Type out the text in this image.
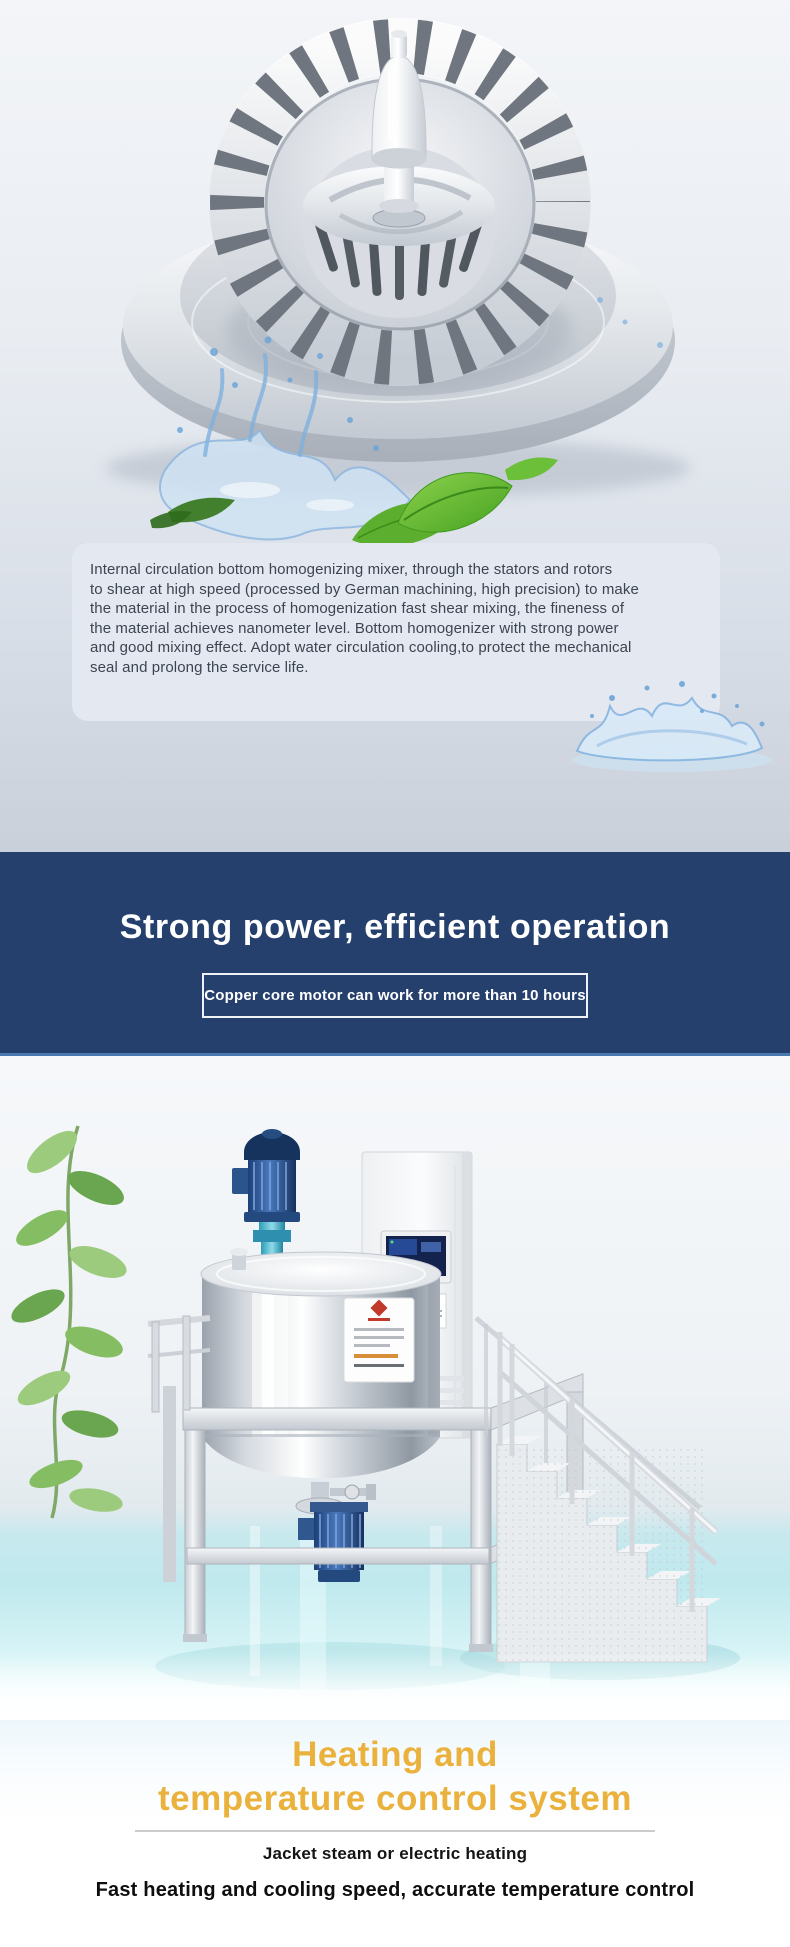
Internal circulation bottom homogenizing mixer, through the stators and rotors
to shear at high speed (processed by German machining, high precision) to make
the material in the process of homogenization fast shear mixing, the fineness of
the material achieves nanometer level. Bottom homogenizer with strong power
and good mixing effect. Adopt water circulation cooling,to protect the mechanical
seal and prolong the service life.
Strong power, efficient operation
Copper core motor can work for more than 10 hours
Heating and
temperature control system
Jacket steam or electric heating
Fast heating and cooling speed, accurate temperature control
